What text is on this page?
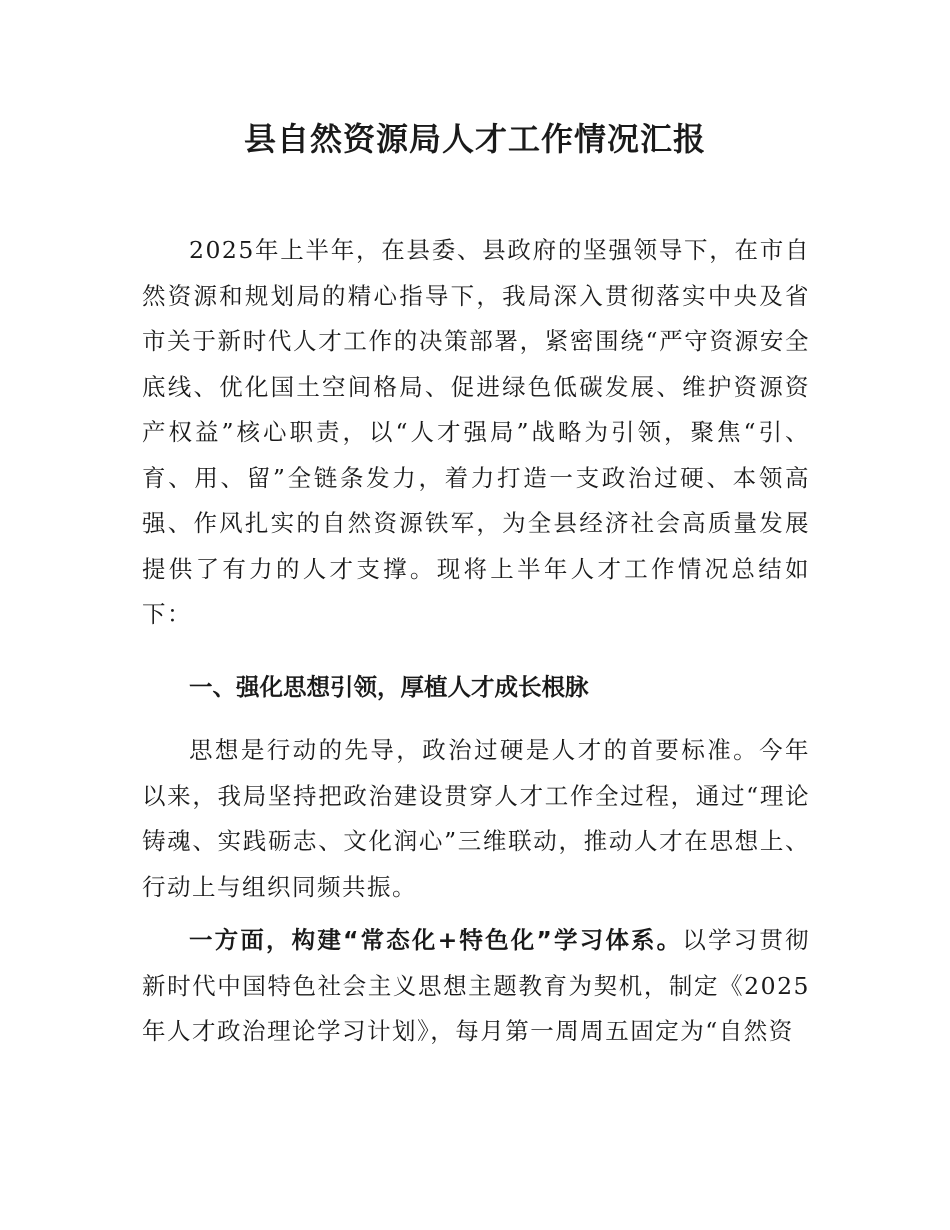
县自然资源局人才工作情况汇报

2025年上半年，在县委、县政府的坚强领导下，在市自然资源和规划局的精心指导下，我局深入贯彻落实中央及省市关于新时代人才工作的决策部署，紧密围绕“严守资源安全底线、优化国土空间格局、促进绿色低碳发展、维护资源资产权益”核心职责，以“人才强局”战略为引领，聚焦“引、育、用、留”全链条发力，着力打造一支政治过硬、本领高强、作风扎实的自然资源铁军，为全县经济社会高质量发展提供了有力的人才支撑。现将上半年人才工作情况总结如下：

一、强化思想引领，厚植人才成长根脉

思想是行动的先导，政治过硬是人才的首要标准。今年以来，我局坚持把政治建设贯穿人才工作全过程，通过“理论铸魂、实践砺志、文化润心”三维联动，推动人才在思想上、行动上与组织同频共振。

一方面，构建“常态化+特色化”学习体系。以学习贯彻新时代中国特色社会主义思想主题教育为契机，制定《2025年人才政治理论学习计划》，每月第一周周五固定为“自然资
